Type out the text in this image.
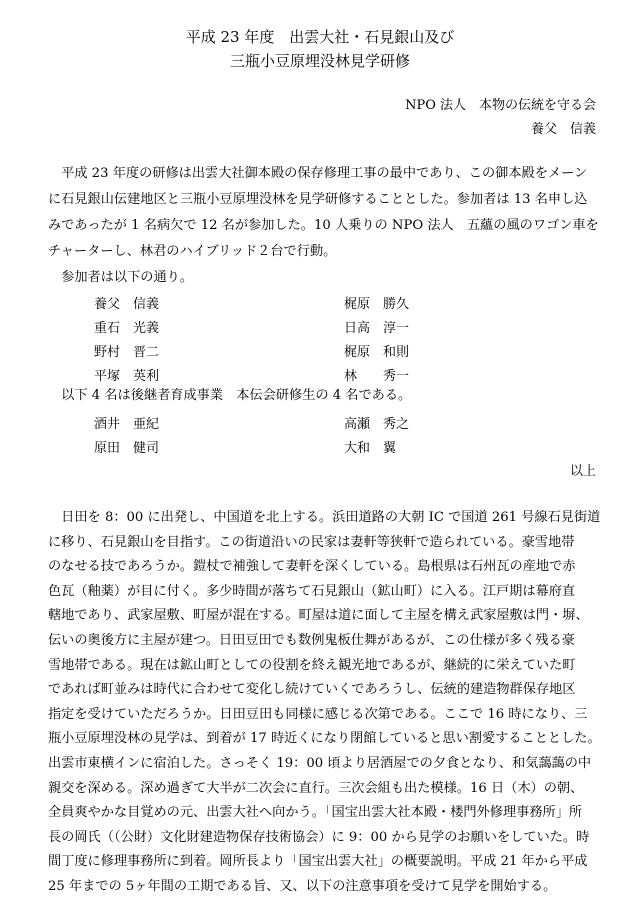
平成 23 年度　出雲大社・石見銀山及び
三瓶小豆原埋没林見学研修
NPO 法人　本物の伝統を守る会
養父　信義
　平成 23 年度の研修は出雲大社御本殿の保存修理工事の最中であり、この御本殿をメーン
に石見銀山伝建地区と三瓶小豆原埋没林を見学研修することとした。参加者は 13 名申し込
みであったが 1 名病欠で 12 名が参加した。10 人乗りの NPO 法人　五蘊の風のワゴン車を
チャーターし、林君のハイブリッド２台で行動。
　参加者は以下の通り。
養父　信義	梶原　勝久
重石　光義	日高　淳一
野村　晋二	梶原　和則
平塚　英利	林　　秀一
　以下 4 名は後継者育成事業　本伝会研修生の 4 名である。
酒井　亜紀	高瀬　秀之
原田　健司	大和　翼
以上
　日田を 8：00 に出発し、中国道を北上する。浜田道路の大朝 IC で国道 261 号線石見街道
に移り、石見銀山を目指す。この街道沿いの民家は妻軒等狭軒で造られている。豪雪地帯
のなせる技であろうか。鎧杖で補強して妻軒を深くしている。島根県は石州瓦の産地で赤
色瓦（釉薬）が目に付く。多少時間が落ちて石見銀山（鉱山町）に入る。江戸期は幕府直
轄地であり、武家屋敷、町屋が混在する。町屋は道に面して主屋を構え武家屋敷は門・塀、
伝いの奥後方に主屋が建つ。日田豆田でも数例鬼板仕舞があるが、この仕様が多く残る豪
雪地帯である。現在は鉱山町としての役割を終え観光地であるが、継続的に栄えていた町
であれば町並みは時代に合わせて変化し続けていくであろうし、伝統的建造物群保存地区
指定を受けていただろうか。日田豆田も同様に感じる次第である。ここで 16 時になり、三
瓶小豆原埋没林の見学は、到着が 17 時近くになり閉館していると思い割愛することとした。
出雲市東横インに宿泊した。さっそく 19：00 頃より居酒屋での夕食となり、和気藹藹の中
親交を深める。深め過ぎて大半が二次会に直行。三次会組も出た模様。16 日（木）の朝、
全員爽やかな目覚めの元、出雲大社へ向かう。「国宝出雲大社本殿・楼門外修理事務所」所
長の岡氏（（公財）文化財建造物保存技術協会）に 9：00 から見学のお願いをしていた。時
間丁度に修理事務所に到着。岡所長より「国宝出雲大社」の概要説明。平成 21 年から平成
25 年までの 5ヶ年間の工期である旨、又、以下の注意事項を受けて見学を開始する。
